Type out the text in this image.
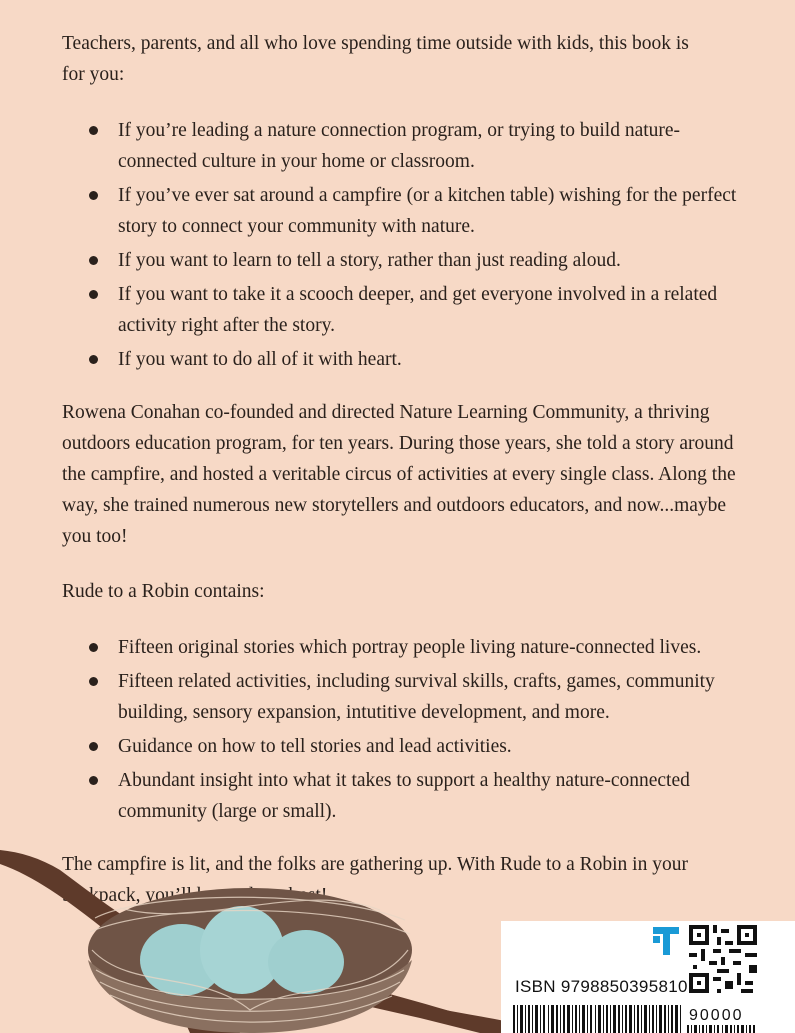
Teachers, parents, and all who love spending time outside with kids, this book is for you:

If you’re leading a nature connection program, or trying to build nature-connected culture in your home or classroom.
If you’ve ever sat around a campfire (or a kitchen table) wishing for the perfect story to connect your community with nature.
If you want to learn to tell a story, rather than just reading aloud.
If you want to take it a scooch deeper, and get everyone involved in a related activity right after the story.
If you want to do all of it with heart.

Rowena Conahan co-founded and directed Nature Learning Community, a thriving outdoors education program, for ten years. During those years, she told a story around the campfire, and hosted a veritable circus of activities at every single class. Along the way, she trained numerous new storytellers and outdoors educators, and now...maybe you too!

Rude to a Robin contains:

Fifteen original stories which portray people living nature-connected lives.
Fifteen related activities, including survival skills, crafts, games, community building, sensory expansion, intutitive development, and more.
Guidance on how to tell stories and lead activities.
Abundant insight into what it takes to support a healthy nature-connected community (large or small).

The campfire is lit, and the folks are gathering up. With Rude to a Robin in your backpack, you’ll

ISBN 9798850395810
90000
